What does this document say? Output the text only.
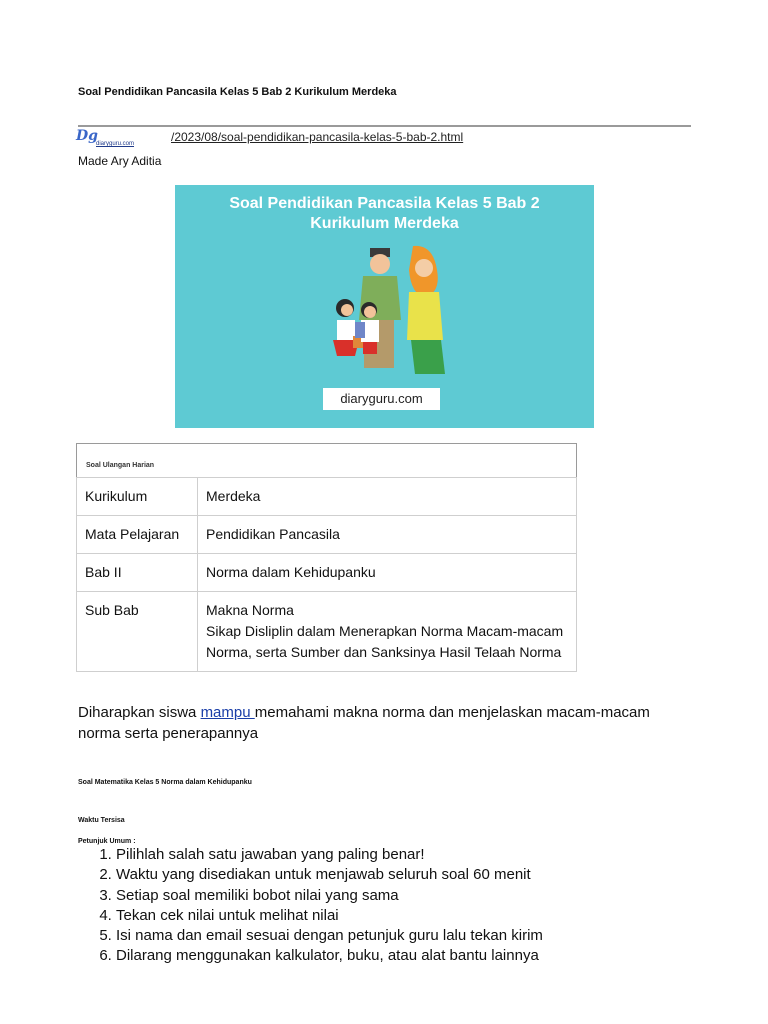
Soal Pendidikan Pancasila Kelas 5 Bab 2 Kurikulum Merdeka
Dg
diaryguru.com	/2023/08/soal-pendidikan-pancasila-kelas-5-bab-2.html
Made Ary Aditia
Soal Pendidikan Pancasila Kelas 5 Bab 2
Kurikulum Merdeka
diaryguru.com
Soal Ulangan Harian
Kurikulum	Merdeka
Mata Pelajaran	Pendidikan Pancasila
Bab II	Norma dalam Kehidupanku
Sub Bab	Makna Norma
Sikap Disliplin dalam Menerapkan Norma Macam-macam Norma, serta Sumber dan Sanksinya Hasil Telaah Norma
Diharapkan siswa mampu memahami makna norma dan menjelaskan macam-macam norma serta penerapannya
Soal Matematika Kelas 5 Norma dalam Kehidupanku
Waktu Tersisa
Petunjuk Umum :
1. Pilihlah salah satu jawaban yang paling benar!
2. Waktu yang disediakan untuk menjawab seluruh soal 60 menit
3. Setiap soal memiliki bobot nilai yang sama
4. Tekan cek nilai untuk melihat nilai
5. Isi nama dan email sesuai dengan petunjuk guru lalu tekan kirim
6. Dilarang menggunakan kalkulator, buku, atau alat bantu lainnya
